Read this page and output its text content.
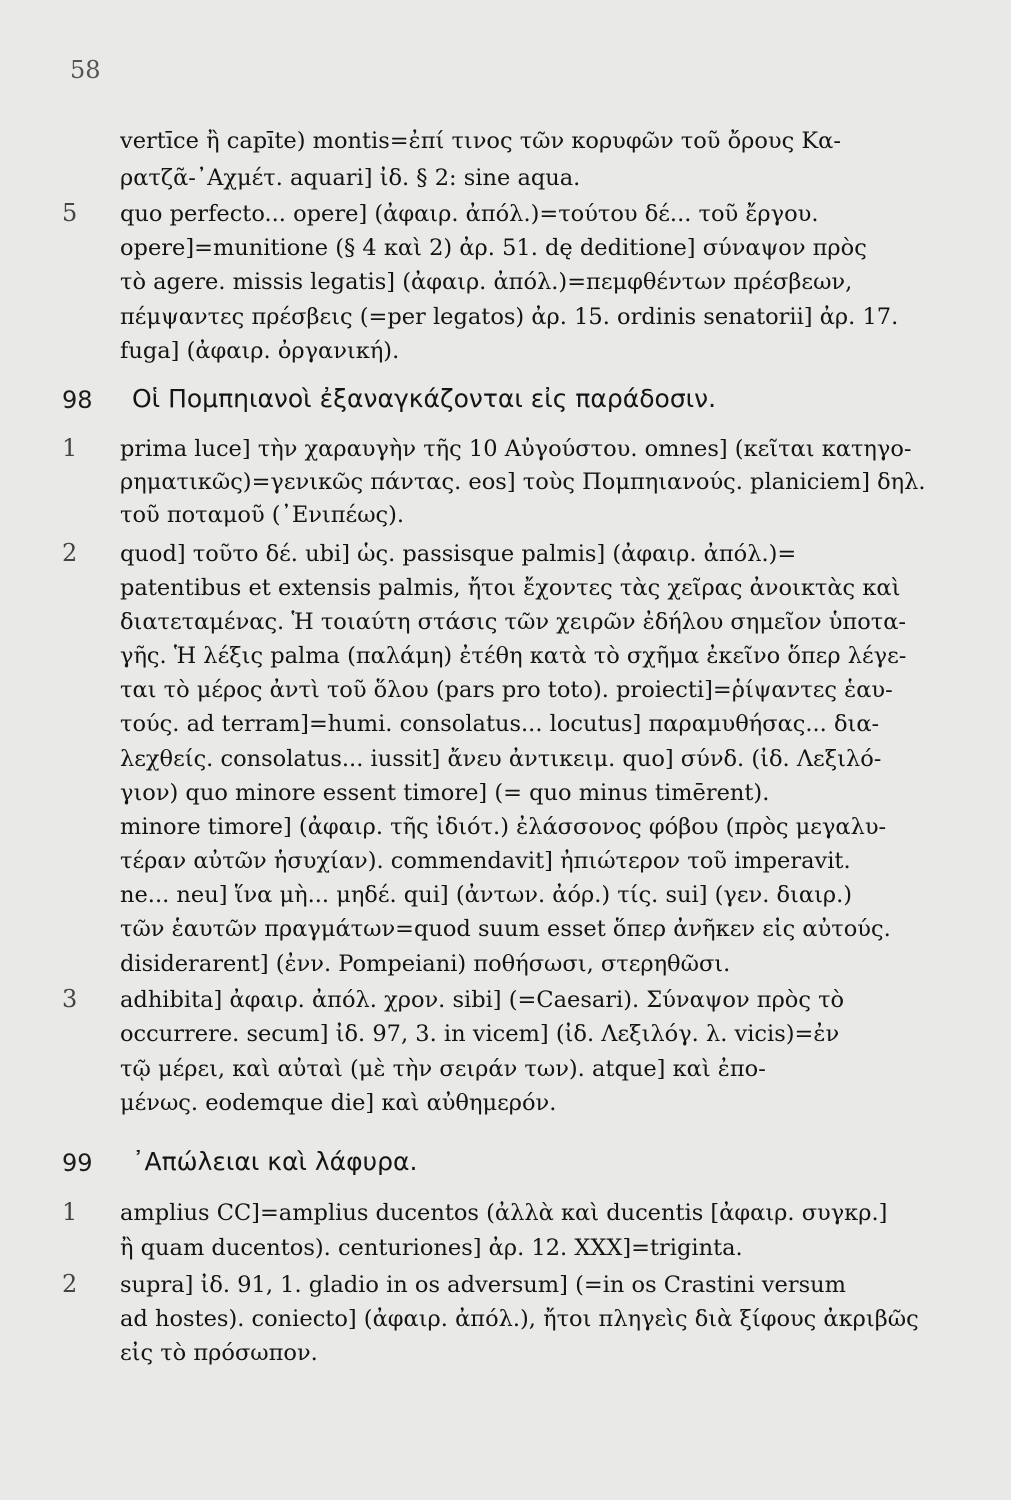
58
vertīce ἢ capīte) montis=ἐπί τινος τῶν κορυφῶν τοῦ ὄρους Κα-
ρατζᾶ-᾿Αχμέτ. aquari] ἰδ. § 2: sine aqua.
5 quo perfecto... opere] (ἀφαιρ. ἀπόλ.)=τούτου δέ... τοῦ ἔργου.
opere]=munitione (§ 4 καὶ 2) ἀρ. 51. dę deditione] σύναψον πρὸς
τὸ agere. missis legatis] (ἀφαιρ. ἀπόλ.)=πεμφθέντων πρέσβεων,
πέμψαντες πρέσβεις (=per legatos) ἀρ. 15. ordinis senatorii] ἀρ. 17.
fuga] (ἀφαιρ. ὀργανική).
98 Οἱ Πομπηιανοὶ ἐξαναγκάζονται εἰς παράδοσιν.
1 prima luce] τὴν χαραυγὴν τῆς 10 Αὐγούστου. omnes] (κεῖται κατηγο-
ρηματικῶς)=γενικῶς πάντας. eos] τοὺς Πομπηιανούς. planiciem] δηλ.
τοῦ ποταμοῦ (᾿Ενιπέως).
2 quod] τοῦτο δέ. ubi] ὡς. passisque palmis] (ἀφαιρ. ἀπόλ.)=
patentibus et extensis palmis, ἤτοι ἔχοντες τὰς χεῖρας ἀνοικτὰς καὶ
διατεταμένας. Ἡ τοιαύτη στάσις τῶν χειρῶν ἐδήλου σημεῖον ὑποτα-
γῆς. Ἡ λέξις palma (παλάμη) ἐτέθη κατὰ τὸ σχῆμα ἐκεῖνο ὅπερ λέγε-
ται τὸ μέρος ἀντὶ τοῦ ὅλου (pars pro toto). proiecti]=ῥίψαντες ἑαυ-
τούς. ad terram]=humi. consolatus... locutus] παραμυθήσας... δια-
λεχθείς. consolatus... iussit] ἄνευ ἀντικειμ. quo] σύνδ. (ἰδ. Λεξιλό-
γιον) quo minore essent timore] (= quo minus timērent).
minore timore] (ἀφαιρ. τῆς ἰδιότ.) ἐλάσσονος φόβου (πρὸς μεγαλυ-
τέραν αὐτῶν ἡσυχίαν). commendavit] ἠπιώτερον τοῦ imperavit.
ne... neu] ἵνα μὴ... μηδέ. qui] (ἀντων. ἀόρ.) τίς. sui] (γεν. διαιρ.)
τῶν ἑαυτῶν πραγμάτων=quod suum esset ὅπερ ἀνῆκεν εἰς αὐτούς.
disiderarent] (ἐνν. Pompeiani) ποθήσωσι, στερηθῶσι.
3 adhibita] ἀφαιρ. ἀπόλ. χρον. sibi] (=Caesari). Σύναψον πρὸς τὸ
occurrere. secum] ἰδ. 97, 3. in vicem] (ἰδ. Λεξιλόγ. λ. vicis)=ἐν
τῷ μέρει, καὶ αὐταὶ (μὲ τὴν σειράν των). atque] καὶ ἐπο-
μένως. eodemque die] καὶ αὐθημερόν.
99 ᾿Απώλειαι καὶ λάφυρα.
1 amplius CC]=amplius ducentos (ἀλλὰ καὶ ducentis [ἀφαιρ. συγκρ.]
ἢ quam ducentos). centuriones] ἀρ. 12. XXX]=triginta.
2 supra] ἰδ. 91, 1. gladio in os adversum] (=in os Crastini versum
ad hostes). coniecto] (ἀφαιρ. ἀπόλ.), ἤτοι πληγεὶς διὰ ξίφους ἀκριβῶς
εἰς τὸ πρόσωπον.
